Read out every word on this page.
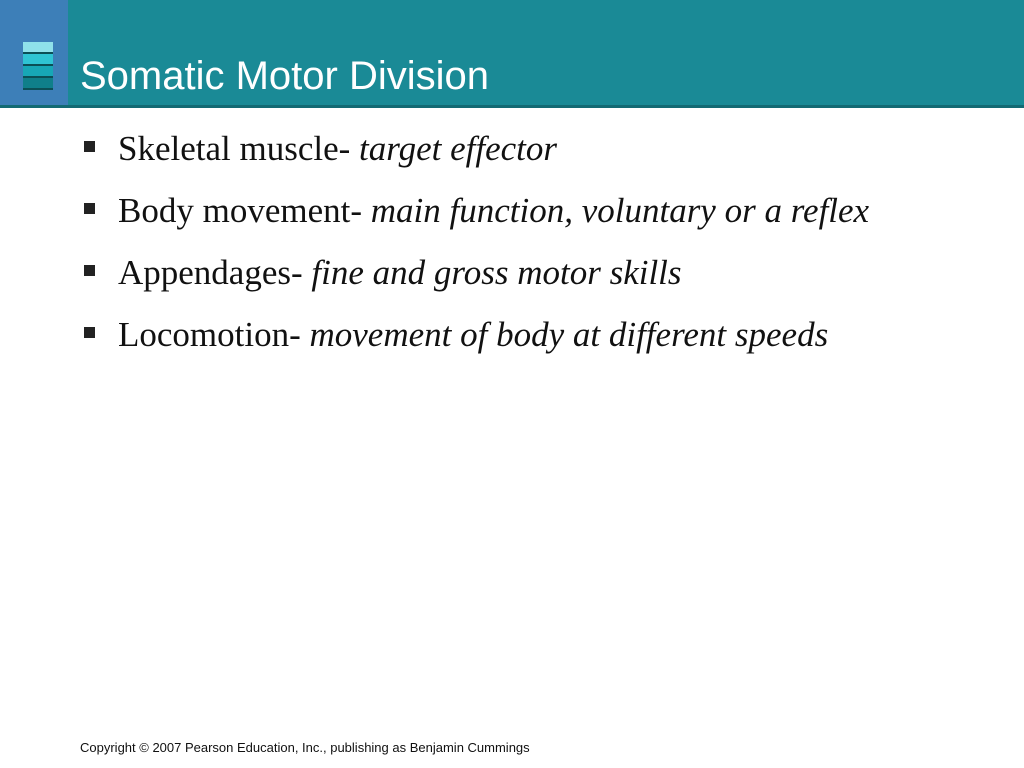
Somatic Motor Division
Skeletal muscle- target effector
Body movement- main function, voluntary or a reflex
Appendages- fine and gross motor skills
Locomotion- movement of body at different speeds
Copyright © 2007 Pearson Education, Inc., publishing as Benjamin Cummings
